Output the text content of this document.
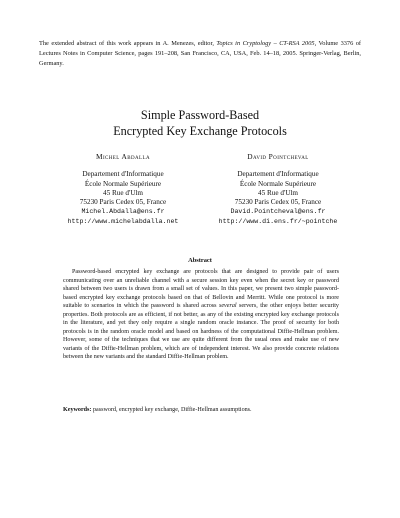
The extended abstract of this work appears in A. Menezes, editor, Topics in Cryptology – CT-RSA 2005, Volume 3376 of Lectures Notes in Computer Science, pages 191–208, San Francisco, CA, USA, Feb. 14–18, 2005. Springer-Verlag, Berlin, Germany.
Simple Password-Based
Encrypted Key Exchange Protocols
Michel Abdalla
Departement d'Informatique
École Normale Supérieure
45 Rue d'Ulm
75230 Paris Cedex 05, France
Michel.Abdalla@ens.fr
http://www.michelabdalla.net
David Pointcheval
Departement d'Informatique
École Normale Supérieure
45 Rue d'Ulm
75230 Paris Cedex 05, France
David.Pointcheval@ens.fr
http://www.di.ens.fr/~pointche
Abstract

Password-based encrypted key exchange are protocols that are designed to provide pair of users communicating over an unreliable channel with a secure session key even when the secret key or password shared between two users is drawn from a small set of values. In this paper, we present two simple password-based encrypted key exchange protocols based on that of Bellovin and Merritt. While one protocol is more suitable to scenarios in which the password is shared across several servers, the other enjoys better security properties. Both protocols are as efficient, if not better, as any of the existing encrypted key exchange protocols in the literature, and yet they only require a single random oracle instance. The proof of security for both protocols is in the random oracle model and based on hardness of the computational Diffie-Hellman problem. However, some of the techniques that we use are quite different from the usual ones and make use of new variants of the Diffie-Hellman problem, which are of independent interest. We also provide concrete relations between the new variants and the standard Diffie-Hellman problem.

Keywords: password, encrypted key exchange, Diffie-Hellman assumptions.
